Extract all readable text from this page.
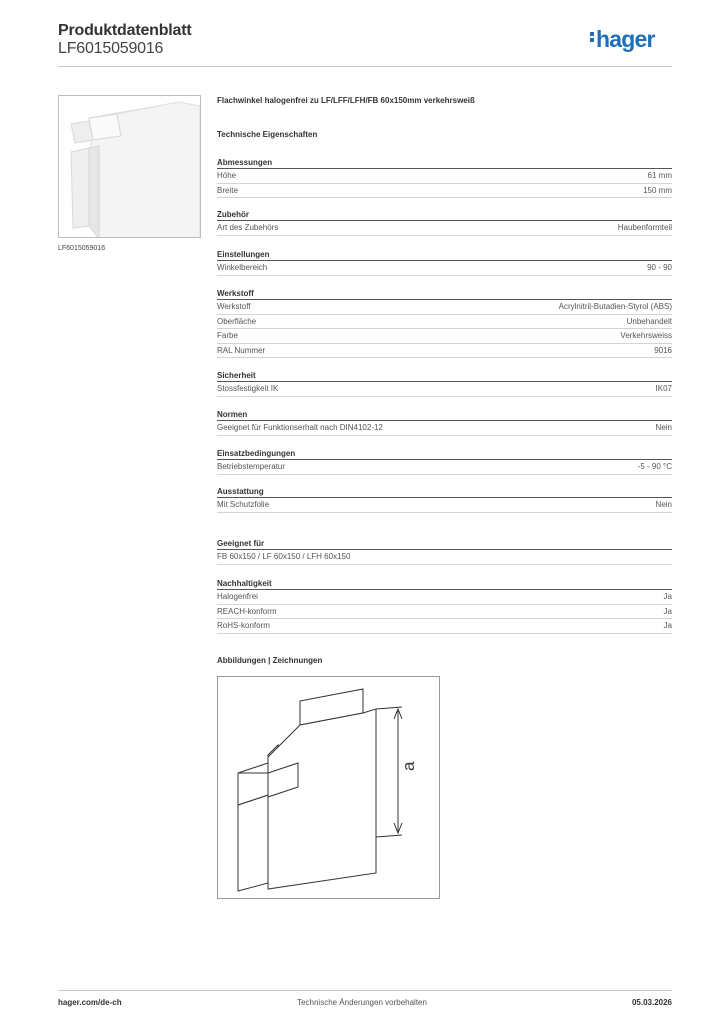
Produktdatenblatt
LF6015059016	hager
LF6015059016
Flachwinkel halogenfrei zu LF/LFF/LFH/FB 60x150mm verkehrsweiß
Technische Eigenschaften
Abmessungen
Höhe	61 mm
Breite	150 mm
Zubehör
Art des Zubehörs	Haubenformteil
Einstellungen
Winkelbereich	90 - 90
Werkstoff
Werkstoff	Acrylnitril-Butadien-Styrol (ABS)
Oberfläche	Unbehandelt
Farbe	Verkehrsweiss
RAL Nummer	9016
Sicherheit
Stossfestigkeit IK	IK07
Normen
Geeignet für Funktionserhalt nach DIN4102-12	Nein
Einsatzbedingungen
Betriebstemperatur	-5 - 90 °C
Ausstattung
Mit Schutzfolie	Nein
Geeignet für
FB 60x150 / LF 60x150 / LFH 60x150
Nachhaltigkeit
Halogenfrei	Ja
REACH-konform	Ja
RoHS-konform	Ja
Abbildungen | Zeichnungen
a
hager.com/de-ch	Technische Änderungen vorbehalten	05.03.2026
